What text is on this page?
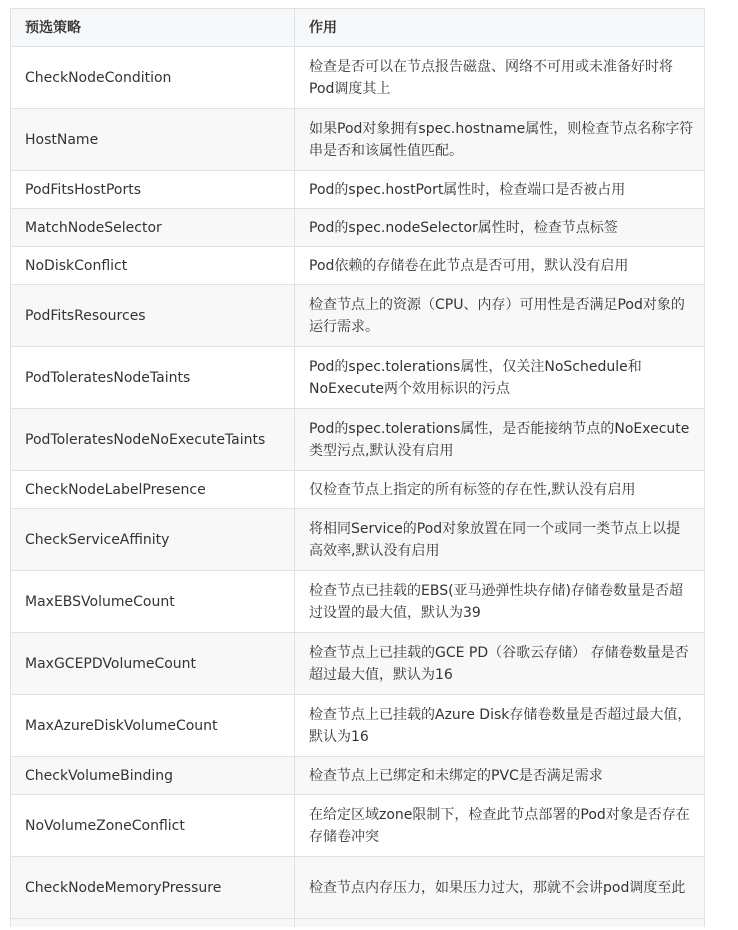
预选策略	作用
CheckNodeCondition	检查是否可以在节点报告磁盘、网络不可用或未准备好时将Pod调度其上
HostName	如果Pod对象拥有spec.hostname属性，则检查节点名称字符串是否和该属性值匹配。
PodFitsHostPorts	Pod的spec.hostPort属性时，检查端口是否被占用
MatchNodeSelector	Pod的spec.nodeSelector属性时，检查节点标签
NoDiskConflict	Pod依赖的存储卷在此节点是否可用，默认没有启用
PodFitsResources	检查节点上的资源（CPU、内存）可用性是否满足Pod对象的运行需求。
PodToleratesNodeTaints	Pod的spec.tolerations属性，仅关注NoSchedule和NoExecute两个效用标识的污点
PodToleratesNodeNoExecuteTaints	Pod的spec.tolerations属性，是否能接纳节点的NoExecute类型污点,默认没有启用
CheckNodeLabelPresence	仅检查节点上指定的所有标签的存在性,默认没有启用
CheckServiceAffinity	将相同Service的Pod对象放置在同一个或同一类节点上以提高效率,默认没有启用
MaxEBSVolumeCount	检查节点已挂载的EBS(亚马逊弹性块存储)存储卷数量是否超过设置的最大值，默认为39
MaxGCEPDVolumeCount	检查节点上已挂载的GCE PD（谷歌云存储） 存储卷数量是否超过最大值，默认为16
MaxAzureDiskVolumeCount	检查节点上已挂载的Azure Disk存储卷数量是否超过最大值，默认为16
CheckVolumeBinding	检查节点上已绑定和未绑定的PVC是否满足需求
NoVolumeZoneConflict	在给定区域zone限制下，检查此节点部署的Pod对象是否存在存储卷冲突
CheckNodeMemoryPressure	检查节点内存压力，如果压力过大，那就不会讲pod调度至此
